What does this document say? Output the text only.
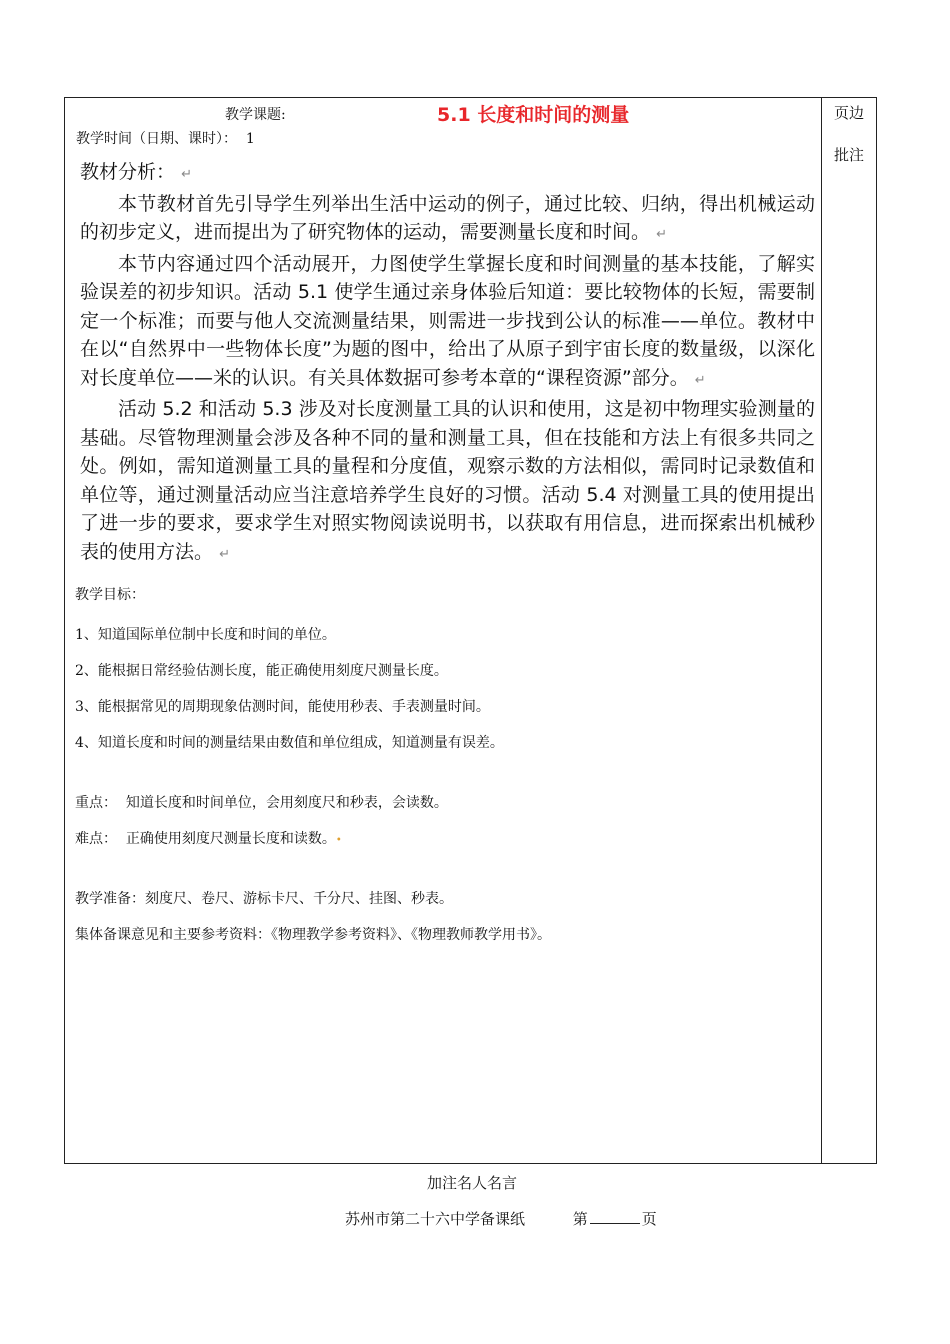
教学课题:	5.1 长度和时间的测量
教学时间（日期、课时）： 1
页边
批注

教材分析： ↵

本节教材首先引导学生列举出生活中运动的例子，通过比较、归纳，得出机械运动的初步定义，进而提出为了研究物体的运动，需要测量长度和时间。 ↵

本节内容通过四个活动展开，力图使学生掌握长度和时间测量的基本技能，了解实验误差的初步知识。活动 5.1 使学生通过亲身体验后知道：要比较物体的长短，需要制定一个标准；而要与他人交流测量结果，则需进一步找到公认的标准——单位。教材中在以“自然界中一些物体长度”为题的图中，给出了从原子到宇宙长度的数量级，以深化对长度单位——米的认识。有关具体数据可参考本章的“课程资源”部分。 ↵

活动 5.2 和活动 5.3 涉及对长度测量工具的认识和使用，这是初中物理实验测量的基础。尽管物理测量会涉及各种不同的量和测量工具，但在技能和方法上有很多共同之处。例如，需知道测量工具的量程和分度值，观察示数的方法相似，需同时记录数值和单位等，通过测量活动应当注意培养学生良好的习惯。活动 5.4 对测量工具的使用提出了进一步的要求，要求学生对照实物阅读说明书，以获取有用信息，进而探索出机械秒表的使用方法。 ↵

教学目标：
1、知道国际单位制中长度和时间的单位。
2、能根据日常经验估测长度，能正确使用刻度尺测量长度。
3、能根据常见的周期现象估测时间，能使用秒表、手表测量时间。
4、知道长度和时间的测量结果由数值和单位组成，知道测量有误差。
重点： 知道长度和时间单位，会用刻度尺和秒表，会读数。
难点： 正确使用刻度尺测量长度和读数。•
教学准备：刻度尺、卷尺、游标卡尺、千分尺、挂图、秒表。
集体备课意见和主要参考资料：《物理教学参考资料》、《物理教师教学用书》。
加注名人名言
苏州市第二十六中学备课纸	第	页
